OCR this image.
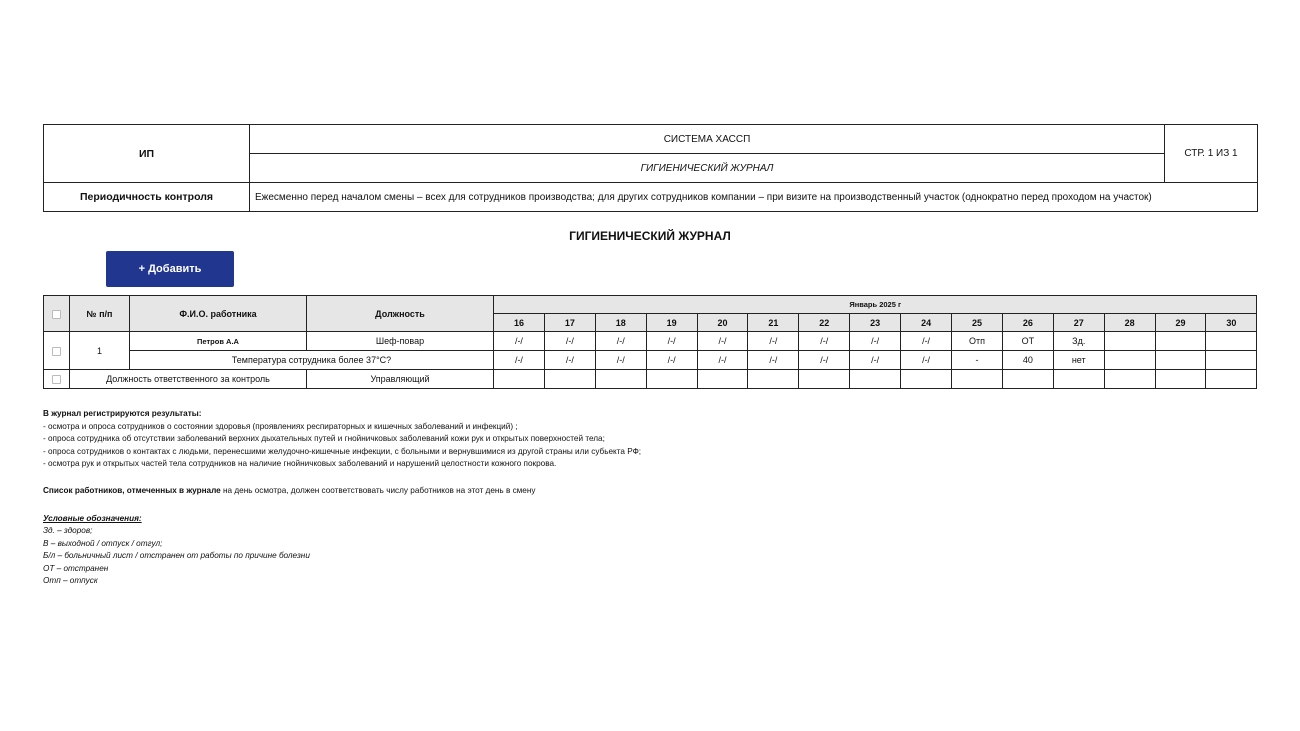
ИП	СИСТЕМА ХАССП	СТР. 1 ИЗ 1
	ГИГИЕНИЧЕСКИЙ ЖУРНАЛ	
Периодичность контроля	Ежесменно перед началом смены – всех для сотрудников производства; для других сотрудников компании – при визите на производственный участок (однократно перед проходом на участок)	
ГИГИЕНИЧЕСКИЙ ЖУРНАЛ
+ Добавить
	№ п/п	Ф.И.О. работника	Должность	Январь 2025 г														
				16	17	18	19	20	21	22	23	24	25	26	27	28	29	30
	1	Петров А.А	Шеф-повар	/-/	/-/	/-/	/-/	/-/	/-/	/-/	/-/	/-/	Отп	ОТ	Зд.			
		Температура сотрудника более 37°С?		/-/	/-/	/-/	/-/	/-/	/-/	/-/	/-/	/-/	-	40	нет			
	Должность ответственного за контроль		Управляющий															

В журнал регистрируются результаты:

- осмотра и опроса сотрудников о состоянии здоровья (проявлениях респираторных и кишечных заболеваний и инфекций) ;

- опроса сотрудника об отсутствии заболеваний верхних дыхательных путей и гнойничковых заболеваний кожи рук и открытых поверхностей тела;

- опроса сотрудников о контактах с людьми, перенесшими желудочно-кишечные инфекции, с больными и вернувшимися из другой страны или субьекта РФ;

- осмотра рук и открытых частей тела сотрудников на наличие гнойничковых заболеваний и нарушений целостности кожного покрова.

Список работников, отмеченных в журнале на день осмотра, должен соответствовать числу работников на этот день в смену

Условные обозначения:

Зд. – здоров;

В – выходной / отпуск / отгул;

Б/л – больничный лист / отстранен от работы по причине болезни

ОТ – отстранен

Отп – отпуск
